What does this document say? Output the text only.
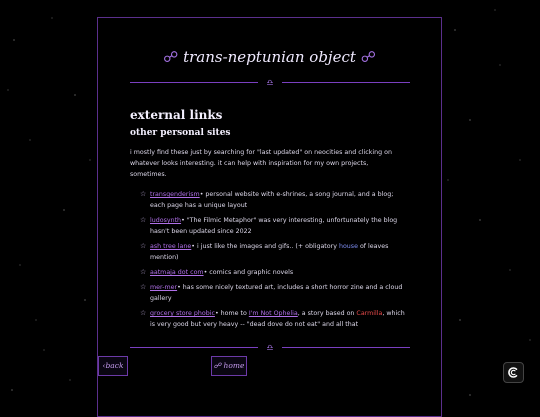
☍ trans-neptunian object ☍
♎
external links
other personal sites

i mostly find these just by searching for "last updated" on neocities and clicking on whatever looks interesting. it can help with inspiration for my own projects, sometimes.

☆ transgenderism• personal website with e-shrines, a song journal, and a blog; each page has a unique layout
☆ ludosynth• "The Filmic Metaphor" was very interesting, unfortunately the blog hasn't been updated since 2022
☆ ash tree lane• i just like the images and gifs.. (+ obligatory house of leaves mention)
☆ aatmaja dot com• comics and graphic novels
☆ mer-mer• has some nicely textured art, includes a short horror zine and a cloud gallery
☆ grocery store phobic• home to I'm Not Ophelia, a story based on Carmilla, which is very good but very heavy -- "dead dove do not eat" and all that
♎
‹back	☍ home
